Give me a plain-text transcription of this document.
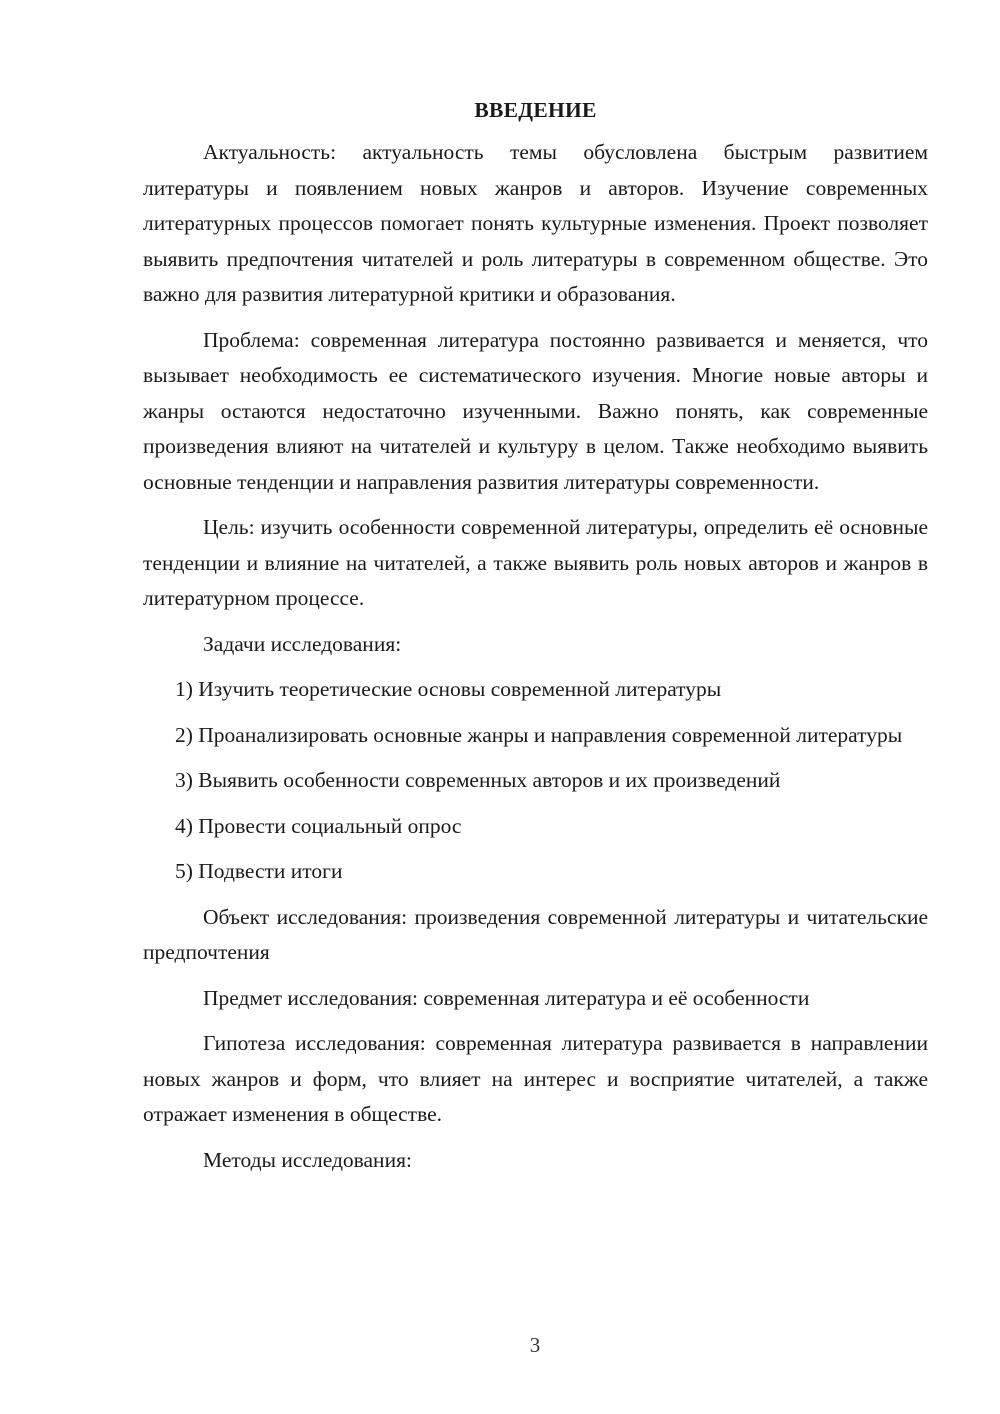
ВВЕДЕНИЕ

Актуальность: актуальность темы обусловлена быстрым развитием литературы и появлением новых жанров и авторов. Изучение современных литературных процессов помогает понять культурные изменения. Проект позволяет выявить предпочтения читателей и роль литературы в современном обществе. Это важно для развития литературной критики и образования.

Проблема: современная литература постоянно развивается и меняется, что вызывает необходимость ее систематического изучения. Многие новые авторы и жанры остаются недостаточно изученными. Важно понять, как современные произведения влияют на читателей и культуру в целом. Также необходимо выявить основные тенденции и направления развития литературы современности.

Цель: изучить особенности современной литературы, определить её основные тенденции и влияние на читателей, а также выявить роль новых авторов и жанров в литературном процессе.

Задачи исследования:

1) Изучить теоретические основы современной литературы

2) Проанализировать основные жанры и направления современной литературы

3) Выявить особенности современных авторов и их произведений

4) Провести социальный опрос

5) Подвести итоги

Объект исследования: произведения современной литературы и читательские предпочтения

Предмет исследования: современная литература и её особенности

Гипотеза исследования: современная литература развивается в направлении новых жанров и форм, что влияет на интерес и восприятие читателей, а также отражает изменения в обществе.

Методы исследования:

3
